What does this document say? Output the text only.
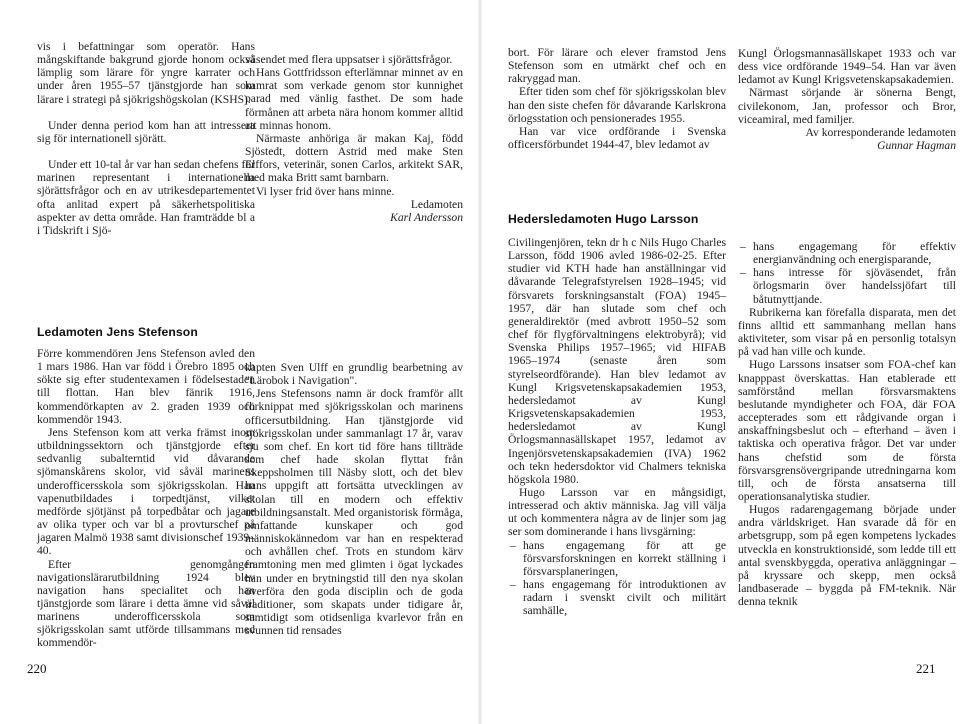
vis i befattningar som operatör. Hans mångskiftande bakgrund gjorde honom också lämplig som lärare för yngre karrater och under åren 1955–57 tjänstgjorde han som lärare i strategi på sjökrigshögskolan (KSHS).

Under denna period kom han att intressera sig för internationell sjörätt.

Under ett 10-tal år var han sedan chefens för marinen representant i internationella sjörättsfrågor och en av utrikesdepartementet ofta anlitad expert på säkerhetspolitiska aspekter av detta område. Han framträdde bl a i Tidskrift i Sjö-

väsendet med flera uppsatser i sjörättsfrågor.

Hans Gottfridsson efterlämnar minnet av en kamrat som verkade genom stor kunnighet parad med vänlig fasthet. De som hade förmånen att arbeta nära honom kommer alltid att minnas honom.

Närmaste anhöriga är makan Kaj, född Sjöstedt, dottern Astrid med make Sten Elffors, veterinär, sonen Carlos, arkitekt SAR, med maka Britt samt barnbarn.

Vi lyser frid över hans minne.

Ledamoten

Karl Andersson

Ledamoten Jens Stefenson

Förre kommendören Jens Stefenson avled den 1 mars 1986. Han var född i Örebro 1895 och sökte sig efter studentexamen i födelsestaden till flottan. Han blev fänrik 1916, kommendörkapten av 2. graden 1939 och kommendör 1943.

Jens Stefenson kom att verka främst inom utbildningssektorn och tjänstgjorde efter sedvanlig subalterntid vid dåvarande sjömanskårens skolor, vid såväl marinens underofficersskola som sjökrigsskolan. Han vapenutbildades i torpedtjänst, vilket medförde sjötjänst på torpedbåtar och jagare av olika typer och var bl a provturschef på jagaren Malmö 1938 samt divisionschef 1939–40.

Efter genomgången navigationslärarutbildning 1924 blev navigation hans specialitet och han tjänstgjorde som lärare i detta ämne vid såväl marinens underofficersskola som sjökrigsskolan samt utförde tillsammans med kommendör-

kapten Sven Ulff en grundlig bearbetning av "Lärobok i Navigation".

Jens Stefensons namn är dock framför allt förknippat med sjökrigsskolan och marinens officersutbildning. Han tjänstgjorde vid sjökrigsskolan under sammanlagt 17 år, varav sju som chef. En kort tid före hans tillträde som chef hade skolan flyttat från Skeppsholmen till Näsby slott, och det blev hans uppgift att fortsätta utvecklingen av skolan till en modern och effektiv utbildningsanstalt. Med organistorisk förmåga, omfattande kunskaper och god människokännedom var han en respekterad och avhållen chef. Trots en stundom kärv framtoning men med glimten i ögat lyckades han under en brytningstid till den nya skolan överföra den goda disciplin och de goda traditioner, som skapats under tidigare år, samtidigt som otidsenliga kvarlevor från en svunnen tid rensades

220

bort. För lärare och elever framstod Jens Stefenson som en utmärkt chef och en rakryggad man.

Efter tiden som chef för sjökrigsskolan blev han den siste chefen för dåvarande Karlskrona örlogsstation och pensionerades 1955.

Han var vice ordförande i Svenska officersförbundet 1944-47, blev ledamot av

Kungl Örlogsmannasällskapet 1933 och var dess vice ordförande 1949–54. Han var även ledamot av Kungl Krigsvetenskapsakademien.

Närmast sörjande är sönerna Bengt, civilekonom, Jan, professor och Bror, viceamiral, med familjer.

Av korresponderande ledamoten

Gunnar Hagman

Hedersledamoten Hugo Larsson

Civilingenjören, tekn dr h c Nils Hugo Charles Larsson, född 1906 avled 1986-02-25. Efter studier vid KTH hade han anställningar vid dåvarande Telegrafstyrelsen 1928–1945; vid försvarets forskningsanstalt (FOA) 1945–1957, där han slutade som chef och generaldirektör (med avbrott 1950–52 som chef för flygförvaltningens elektrobyrå); vid Svenska Philips 1957–1965; vid HIFAB 1965–1974 (senaste åren som styrelseordförande). Han blev ledamot av Kungl Krigsvetenskapsakademien 1953, hedersledamot av Kungl Krigsvetenskapsakademien 1953, hedersledamot av Kungl Örlogsmannasällskapet 1957, ledamot av Ingenjörsvetenskapsakademien (IVA) 1962 och tekn hedersdoktor vid Chalmers tekniska högskola 1980.

Hugo Larsson var en mångsidigt, intresserad och aktiv människa. Jag vill välja ut och kommentera några av de linjer som jag ser som dominerande i hans livsgärning:

– hans engagemang för att ge försvarsforskningen en korrekt ställning i försvarsplaneringen,
– hans engagemang för introduktionen av radarn i svenskt civilt och militärt samhälle,
– hans engagemang för effektiv energianvändning och energisparande,
– hans intresse för sjöväsendet, från örlogsmarin över handelssjöfart till båtutnyttjande.

Rubrikerna kan förefalla disparata, men det finns alltid ett sammanhang mellan hans aktiviteter, som visar på en personlig totalsyn på vad han ville och kunde.

Hugo Larssons insatser som FOA-chef kan knapppast överskattas. Han etablerade ett samförstånd mellan försvarsmaktens beslutande myndigheter och FOA, där FOA accepterades som ett rådgivande organ i anskaffningsbeslut och – efterhand – även i taktiska och operativa frågor. Det var under hans chefstid som de första försvarsgrensövergripande utredningarna kom till, och de första ansatserna till operationsanalytiska studier.

Hugos radarengagemang började under andra världskriget. Han svarade då för en arbetsgrupp, som på egen kompetens lyckades utveckla en konstruktionsidé, som ledde till ett antal svenskbyggda, operativa anläggningar – på kryssare och skepp, men också landbaserade – byggda på FM-teknik. När denna teknik

221
